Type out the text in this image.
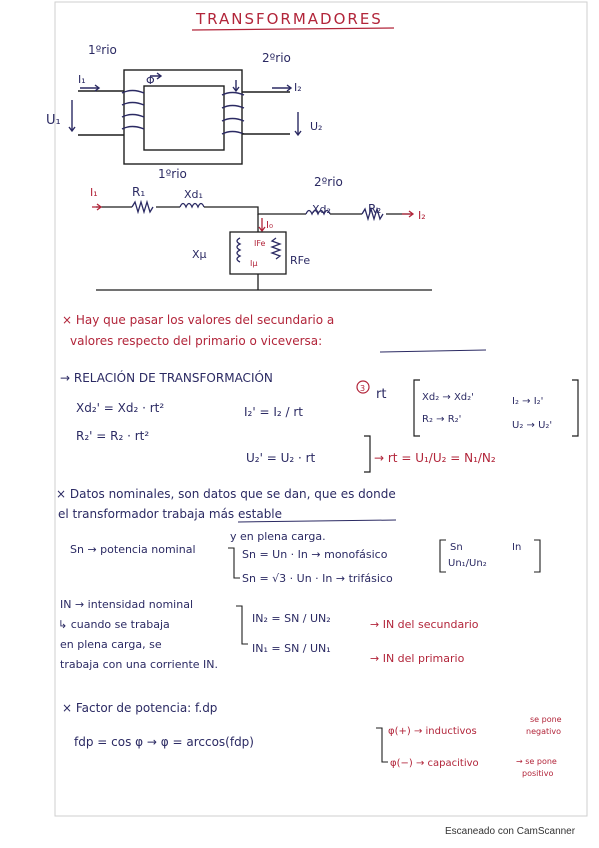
TRANSFORMADORES
1ºrio
2ºrio
Φ
I₁
I₂
U₁	U₂
1ºrio
2ºrio
I₁	R₁	Xd₁
Xd₂	R₂	I₂
I₀
Xμ	RFe
IFe
Iμ
× Hay que pasar los valores del secundario a
valores respecto del primario o viceversa:
→ RELACIÓN DE TRANSFORMACIÓN
3 rt	Xd₂ → Xd₂'	I₂ → I₂'
R₂ → R₂'
U₂ → U₂'
Xd₂' = Xd₂ · rt²	I₂' = I₂ / rt
R₂' = R₂ · rt²
U₂' = U₂ · rt	→ rt = U₁/U₂ = N₁/N₂
× Datos nominales, son datos que se dan, que es donde
el transformador trabaja más estable
y en plena carga.
Sn → potencia nominal	Sn = Un · In → monofásico
Sn = √3 · Un · In → trifásico
Sn	In
Un₁/Un₂
IN → intensidad nominal
↳ cuando se trabaja
en plena carga, se
trabaja con una corriente IN.
IN₂ = SN / UN₂	→ IN del secundario
IN₁ = SN / UN₁
→ IN del primario
× Factor de potencia: f.dp
fdp = cos φ → φ = arccos(fdp)
φ(+) → inductivos
se pone
negativo
φ(−) → capacitivo	→ se pone
positivo
Escaneado con CamScanner
